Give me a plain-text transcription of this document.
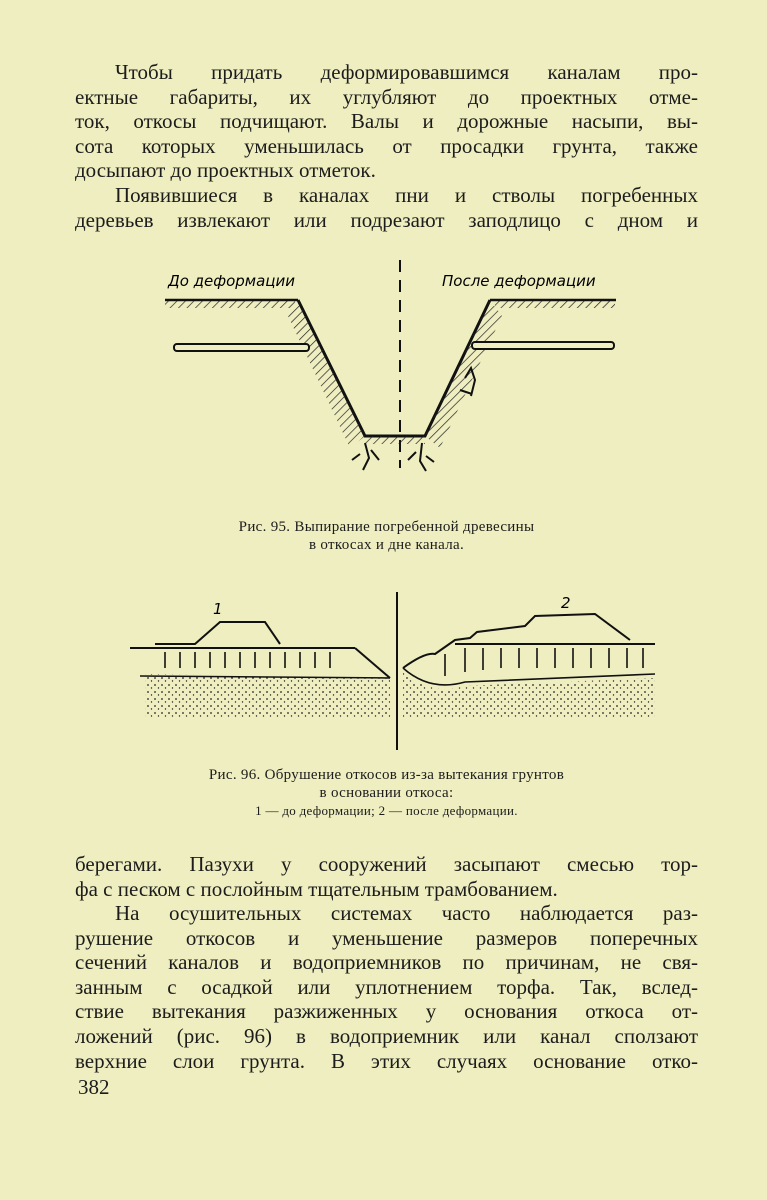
Чтобы придать деформировавшимся каналам про-
ектные габариты, их углубляют до проектных отме-
ток, откосы подчищают. Валы и дорожные насыпи, вы-
сота которых уменьшилась от просадки грунта, также
досыпают до проектных отметок.
Появившиеся в каналах пни и стволы погребенных
деревьев извлекают или подрезают заподлицо с дном и
До деформации	После деформации
Рис. 95. Выпирание погребенной древесины
в откосах и дне канала.
1	2
Рис. 96. Обрушение откосов из-за вытекания грунтов
в основании откоса:
1 — до деформации; 2 — после деформации.
берегами. Пазухи у сооружений засыпают смесью тор-
фа с песком с послойным тщательным трамбованием.
На осушительных системах часто наблюдается раз-
рушение откосов и уменьшение размеров поперечных
сечений каналов и водоприемников по причинам, не свя-
занным с осадкой или уплотнением торфа. Так, вслед-
ствие вытекания разжиженных у основания откоса от-
ложений (рис. 96) в водоприемник или канал сползают
верхние слои грунта. В этих случаях основание отко-
382
